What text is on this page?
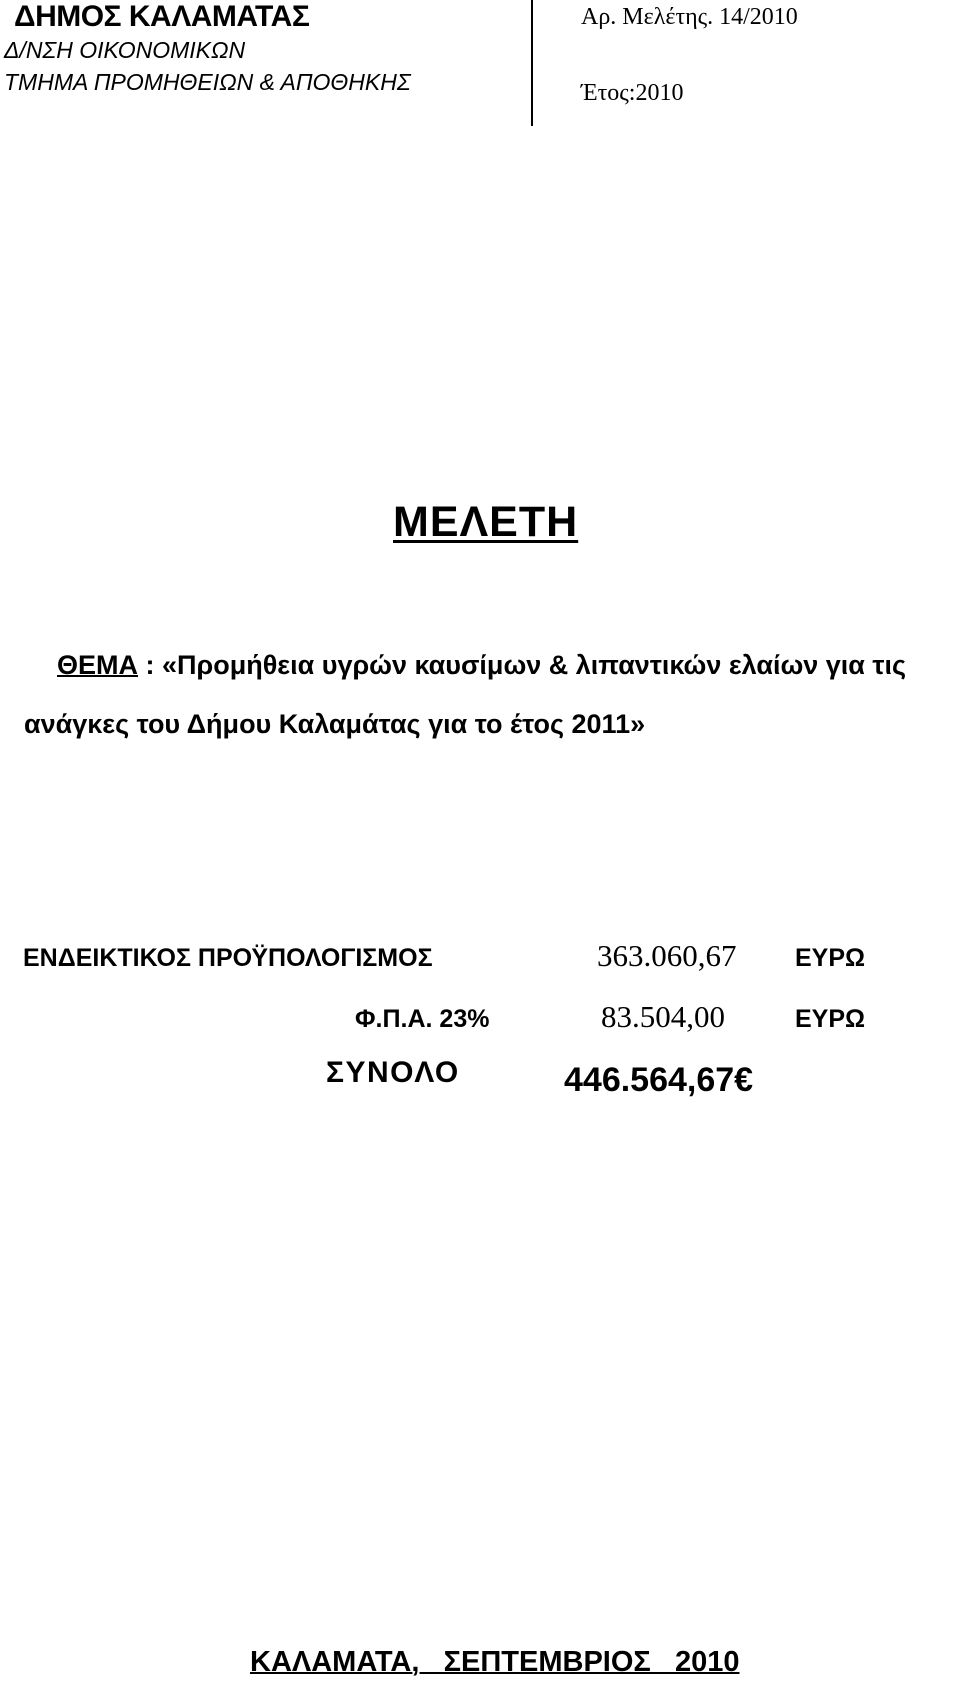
ΔΗΜΟΣ ΚΑΛΑΜΑΤΑΣ
Δ/ΝΣΗ ΟΙΚΟΝΟΜΙΚΩΝ
ΤΜΗΜΑ ΠΡΟΜΗΘΕΙΩΝ & ΑΠΟΘΗΚΗΣ
Αρ. Μελέτης. 14/2010
Έτος:2010
ΜΕΛΕΤΗ
ΘΕΜΑ : «Προμήθεια υγρών καυσίμων & λιπαντικών ελαίων για τις
ανάγκες του Δήμου Καλαμάτας για το έτος 2011»
ΕΝΔΕΙΚΤΙΚΟΣ ΠΡΟΫΠΟΛΟΓΙΣΜΟΣ	363.060,67 ΕΥΡΩ
Φ.Π.Α. 23%	83.504,00	ΕΥΡΩ
ΣΥΝΟΛΟ	446.564,67€
ΚΑΛΑΜΑΤΑ,   ΣΕΠΤΕΜΒΡΙΟΣ   2010
